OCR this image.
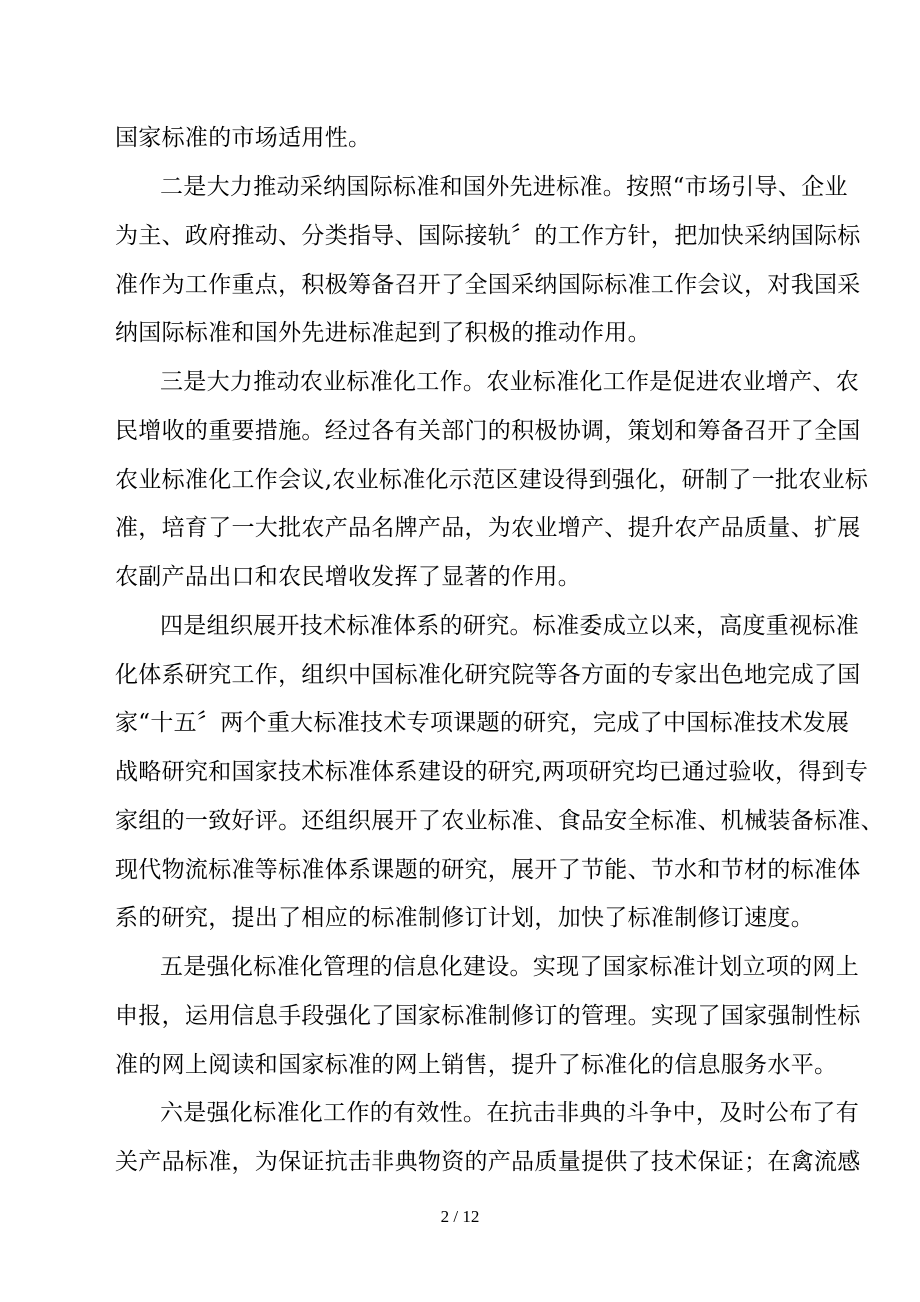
国家标准的市场适用性。
二是大力推动采纳国际标准和国外先进标准。按照“市场引导、企业
为主、政府推动、分类指导、国际接轨〞的工作方针，把加快采纳国际标
准作为工作重点，积极筹备召开了全国采纳国际标准工作会议，对我国采
纳国际标准和国外先进标准起到了积极的推动作用。
三是大力推动农业标准化工作。农业标准化工作是促进农业增产、农
民增收的重要措施。经过各有关部门的积极协调，策划和筹备召开了全国
农业标准化工作会议,农业标准化示范区建设得到强化，研制了一批农业标
准，培育了一大批农产品名牌产品，为农业增产、提升农产品质量、扩展
农副产品出口和农民增收发挥了显著的作用。
四是组织展开技术标准体系的研究。标准委成立以来，高度重视标准
化体系研究工作，组织中国标准化研究院等各方面的专家出色地完成了国
家“十五〞两个重大标准技术专项课题的研究，完成了中国标准技术发展
战略研究和国家技术标准体系建设的研究,两项研究均已通过验收，得到专
家组的一致好评。还组织展开了农业标准、食品安全标准、机械装备标准、
现代物流标准等标准体系课题的研究，展开了节能、节水和节材的标准体
系的研究，提出了相应的标准制修订计划，加快了标准制修订速度。
五是强化标准化管理的信息化建设。实现了国家标准计划立项的网上
申报，运用信息手段强化了国家标准制修订的管理。实现了国家强制性标
准的网上阅读和国家标准的网上销售，提升了标准化的信息服务水平。
六是强化标准化工作的有效性。在抗击非典的斗争中，及时公布了有
关产品标准，为保证抗击非典物资的产品质量提供了技术保证；在禽流感
2 / 12
